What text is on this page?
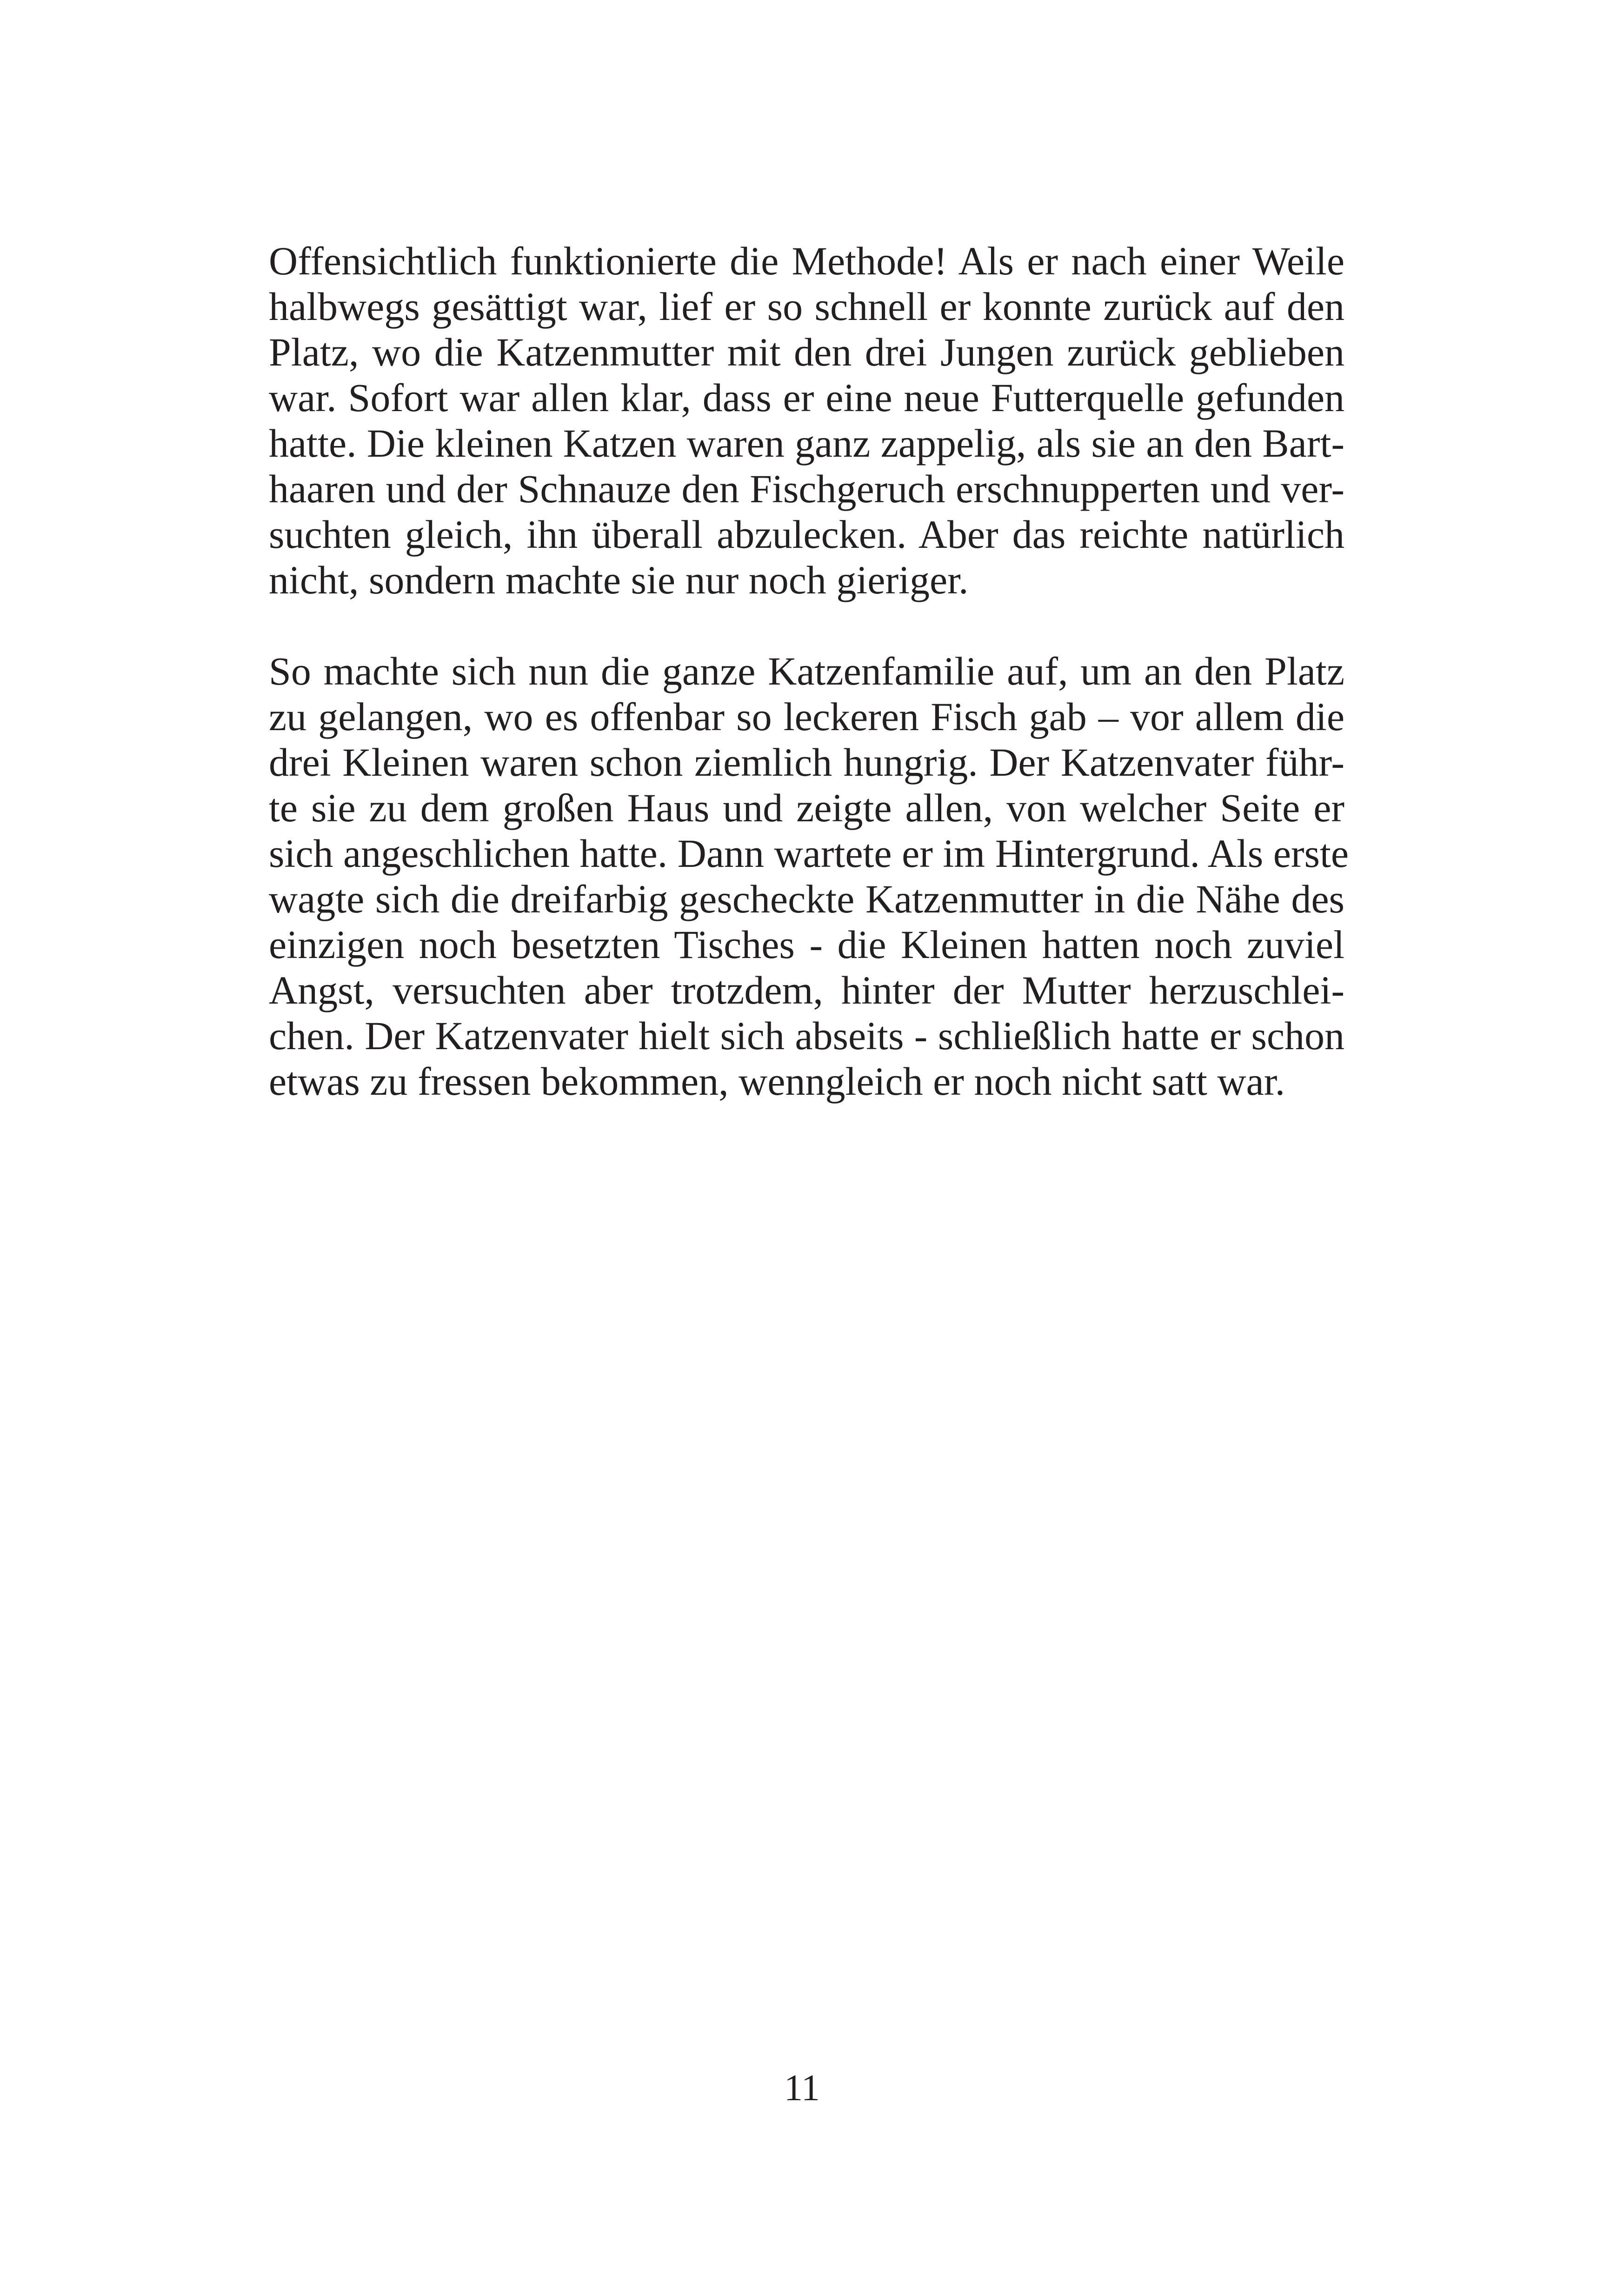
Offensichtlich funktionierte die Methode! Als er nach einer Weile
halbwegs gesättigt war, lief er so schnell er konnte zurück auf den
Platz, wo die Katzenmutter mit den drei Jungen zurück geblieben
war. Sofort war allen klar, dass er eine neue Futterquelle gefunden
hatte. Die kleinen Katzen waren ganz zappelig, als sie an den Bart-
haaren und der Schnauze den Fischgeruch erschnupperten und ver-
suchten gleich, ihn überall abzulecken. Aber das reichte natürlich
nicht, sondern machte sie nur noch gieriger.

So machte sich nun die ganze Katzenfamilie auf, um an den Platz
zu gelangen, wo es offenbar so leckeren Fisch gab – vor allem die
drei Kleinen waren schon ziemlich hungrig. Der Katzenvater führ-
te sie zu dem großen Haus und zeigte allen, von welcher Seite er
sich angeschlichen hatte. Dann wartete er im Hintergrund. Als erste
wagte sich die dreifarbig gescheckte Katzenmutter in die Nähe des
einzigen noch besetzten Tisches - die Kleinen hatten noch zuviel
Angst, versuchten aber trotzdem, hinter der Mutter herzuschlei-
chen. Der Katzenvater hielt sich abseits - schließlich hatte er schon
etwas zu fressen bekommen, wenngleich er noch nicht satt war.

11
